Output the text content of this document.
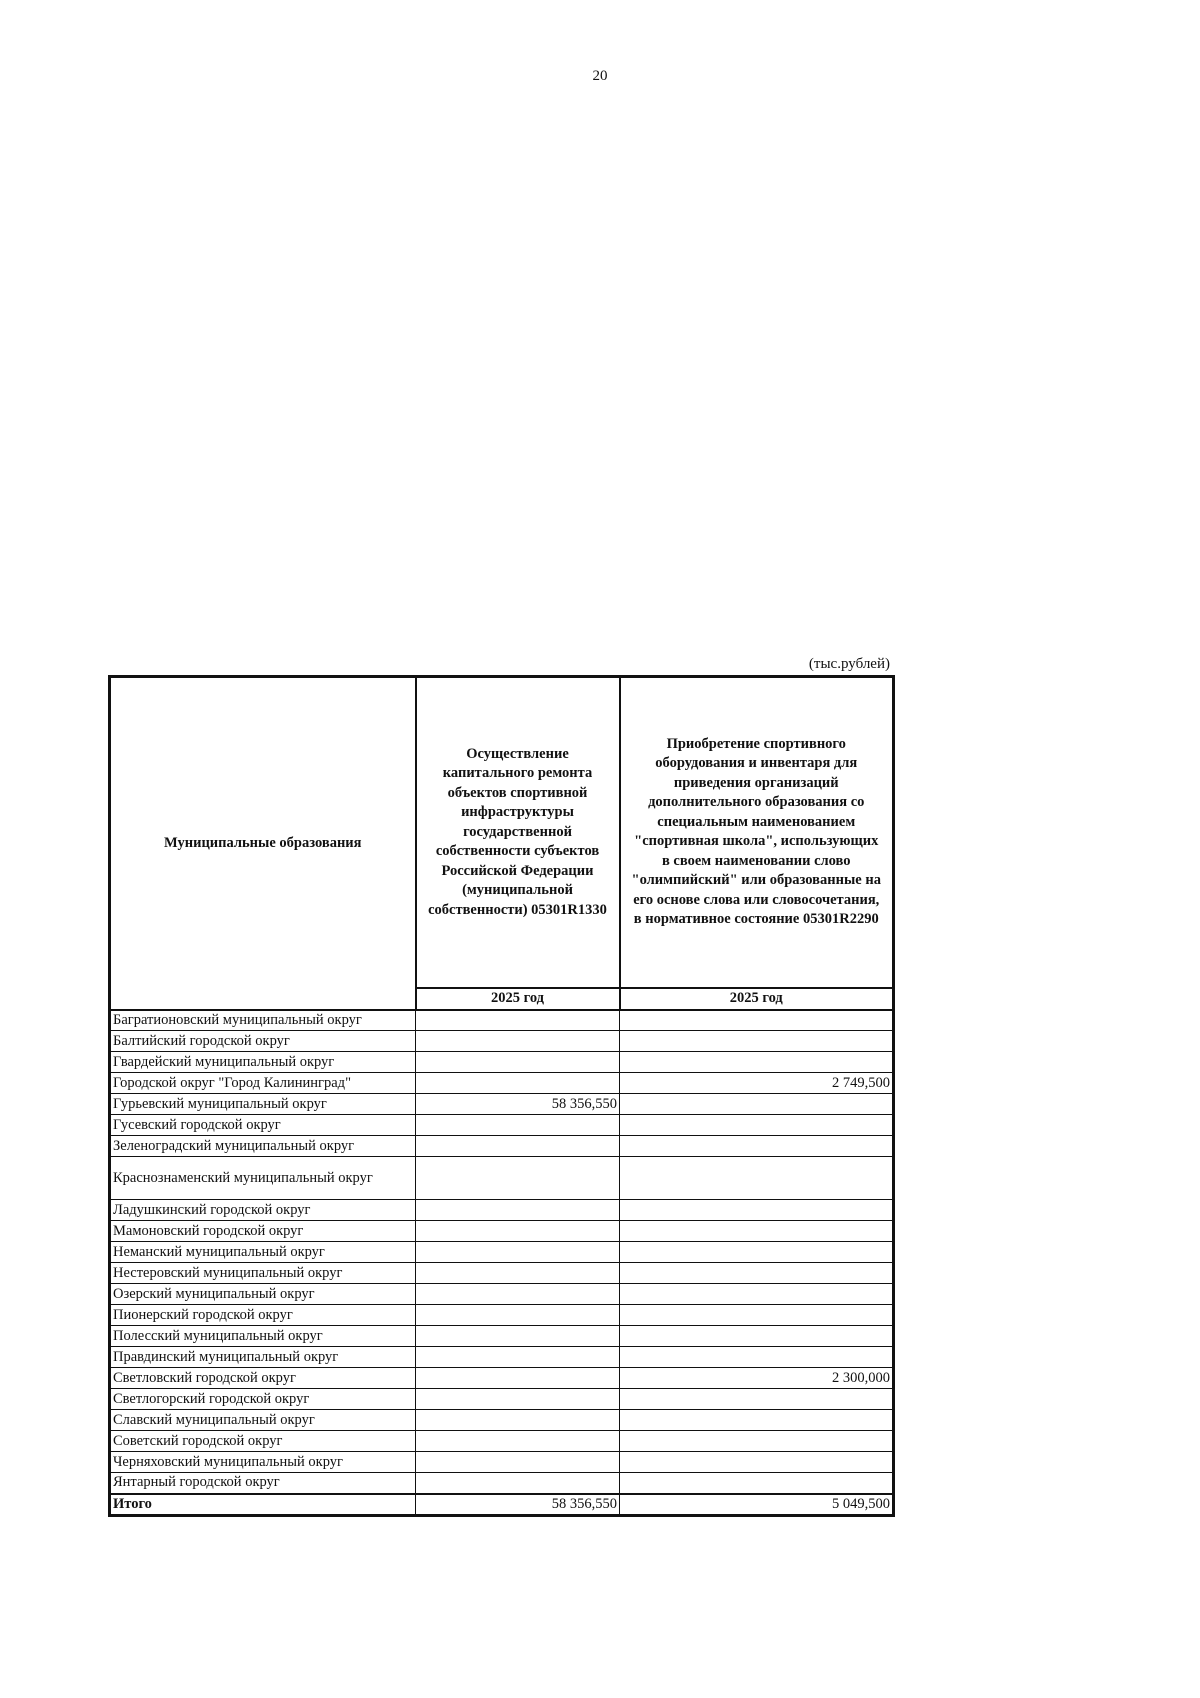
20
(тыс.рублей)
Муниципальные образования	Осуществление капитального ремонта объектов спортивной инфраструктуры государственной собственности субъектов Российской Федерации (муниципальной собственности) 05301R1330	Приобретение спортивного оборудования и инвентаря для приведения организаций дополнительного образования со специальным наименованием "спортивная школа", использующих в своем наименовании слово "олимпийский" или образованные на его основе слова или словосочетания, в нормативное состояние 05301R2290
	2025 год	2025 год
Багратионовский муниципальный округ		
Балтийский городской округ		
Гвардейский муниципальный округ		
Городской округ "Город Калининград"		2 749,500
Гурьевский муниципальный округ	58 356,550	
Гусевский городской округ		
Зеленоградский муниципальный округ		
Краснознаменский муниципальный округ		
Ладушкинский городской округ		
Мамоновский городской округ		
Неманский муниципальный округ		
Нестеровский муниципальный округ		
Озерский муниципальный округ		
Пионерский городской округ		
Полесский муниципальный округ		
Правдинский муниципальный округ		
Светловский городской округ		2 300,000
Светлогорский городской округ		
Славский муниципальный округ		
Советский городской округ		
Черняховский муниципальный округ		
Янтарный городской округ		
Итого	58 356,550	5 049,500
